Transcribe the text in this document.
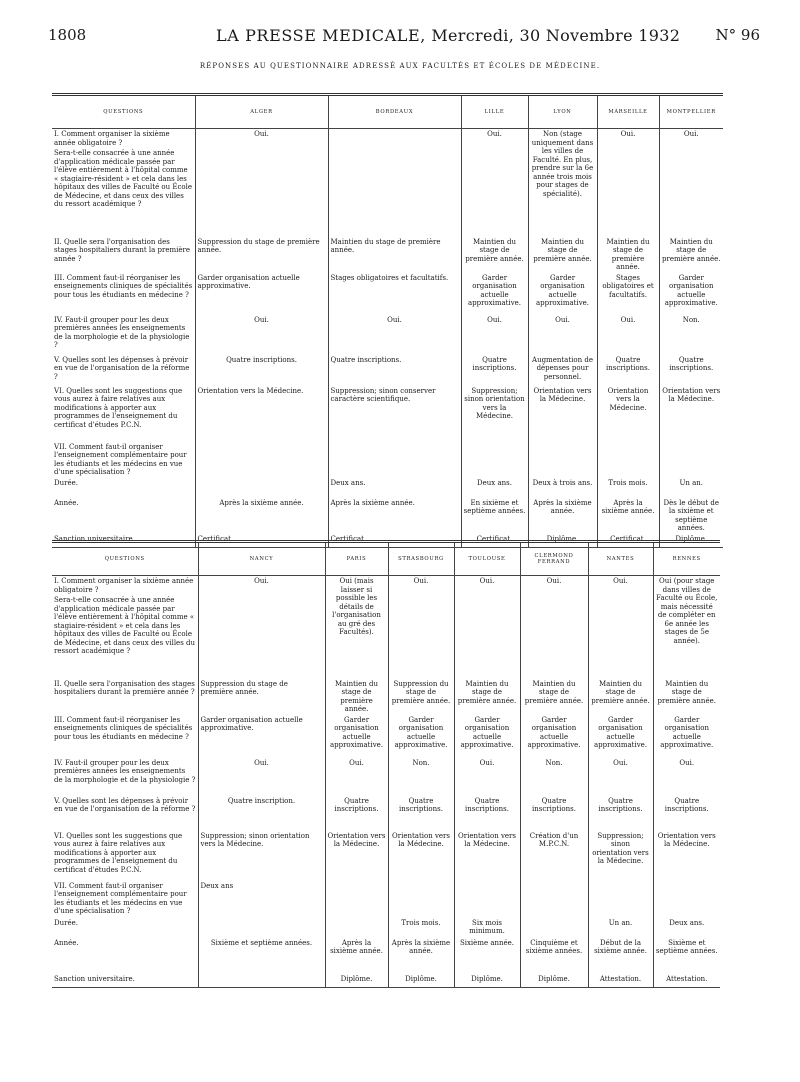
1808	LA PRESSE MEDICALE, Mercredi, 30 Novembre 1932 N° 96
RÉPONSES AU QUESTIONNAIRE ADRESSÉ AUX FACULTÉS ET ÉCOLES DE MÉDECINE.
QUESTIONS	ALGER	BORDEAUX	LILLE	LYON	MARSEILLE	MONTPELLIER

I. Comment organiser la sixième année obligatoire ?
Sera-t-elle consacrée à une année d'application médicale passée par l'élève entièrement à l'hôpital comme « stagiaire-résident » et cela dans les hôpitaux des villes de Faculté ou École de Médecine, et dans ceux des villes du ressort académique ?	Oui.		Oui.	Non (stage uniquement dans les villes de Faculté. En plus, prendre sur la 6e année trois mois pour stages de spécialité).	Oui.	Oui.

II. Quelle sera l'organisation des stages hospitaliers durant la première année ?	Suppression du stage de première année.	Maintien du stage de première année.	Maintien du stage de première année.	Maintien du stage de première année.	Maintien du stage de première année.	Maintien du stage de première année.

III. Comment faut-il réorganiser les enseignements cliniques de spécialités pour tous les étudiants en médecine ?	Garder organisation actuelle approximative.	Stages obligatoires et facultatifs.	Garder organisation actuelle approximative.	Garder organisation actuelle approximative.	Stages obligatoires et facultatifs.	Garder organisation actuelle approximative.

IV. Faut-il grouper pour les deux premières années les enseignements de la morphologie et de la physiologie ?	Oui.	Oui.	Oui.	Oui.	Oui.	Non.

V. Quelles sont les dépenses à prévoir en vue de l'organisation de la réforme ?	Quatre inscriptions.	Quatre inscriptions.	Quatre inscriptions.	Augmentation de dépenses pour personnel.	Quatre inscriptions.	Quatre inscriptions.

VI. Quelles sont les suggestions que vous aurez à faire relatives aux modifications à apporter aux programmes de l'enseignement du certificat d'études P.C.N.	Orientation vers la Médecine.	Suppression; sinon conserver caractère scientifique.	Suppression; sinon orientation vers la Médecine.	Orientation vers la Médecine.	Orientation vers la Médecine.	Orientation vers la Médecine.

VII. Comment faut-il organiser l'enseignement complémentaire pour les étudiants et les médecins en vue d'une spécialisation ?						

Durée.		Deux ans.	Deux ans.	Deux à trois ans.	Trois mois.	Un an.

Année.	Après la sixième année.	Après la sixième année.	En sixième et septième années.	Après la sixième année.	Après la sixième année.	Dès le début de la sixième et septième années.

Sanction universitaire.	Certificat.	Certificat.	Certificat.	Diplôme.	Certificat.	Diplôme.
QUESTIONS	NANCY	PARIS	STRASBOURG	TOULOUSE	CLERMOND FERRAND	NANTES	RENNES

I. Comment organiser la sixième année obligatoire ?
Sera-t-elle consacrée à une année d'application médicale passée par l'élève entièrement à l'hôpital comme « stagiaire-résident » et cela dans les hôpitaux des villes de Faculté ou École de Médecine, et dans ceux des villes du ressort académique ?	Oui.	Oui (mais laisser si possible les détails de l'organisation au gré des Facultés).	Oui.	Oui.	Oui.	Oui.	Oui (pour stage dans villes de Faculté ou École, mais nécessité de compléter en 6e année les stages de 5e année).

II. Quelle sera l'organisation des stages hospitaliers durant la première année ?	Suppression du stage de première année.	Maintien du stage de première année.	Suppression du stage de première année.	Maintien du stage de première année.	Maintien du stage de première année.	Maintien du stage de première année.	Maintien du stage de première année.

III. Comment faut-il réorganiser les enseignements cliniques de spécialités pour tous les étudiants en médecine ?	Garder organisation actuelle approximative.	Garder organisation actuelle approximative.	Garder organisation actuelle approximative.	Garder organisation actuelle approximative.	Garder organisation actuelle approximative.	Garder organisation actuelle approximative.	Garder organisation actuelle approximative.

IV. Faut-il grouper pour les deux premières années les enseignements de la morphologie et de la physiologie ?	Oui.	Oui.	Non.	Oui.	Non.	Oui.	Oui.

V. Quelles sont les dépenses à prévoir en vue de l'organisation de la réforme ?	Quatre inscription.	Quatre inscriptions.	Quatre inscriptions.	Quatre inscriptions.	Quatre inscriptions.	Quatre inscriptions.	Quatre inscriptions.

VI. Quelles sont les suggestions que vous aurez à faire relatives aux modifications à apporter aux programmes de l'enseignement du certificat d'études P.C.N.	Suppression; sinon orientation vers la Médecine.	Orientation vers la Médecine.	Orientation vers la Médecine.	Orientation vers la Médecine.	Création d'un M.P.C.N.	Suppression; sinon orientation vers la Médecine.	Orientation vers la Médecine.

VII. Comment faut-il organiser l'enseignement complémentaire pour les étudiants et les médecins en vue d'une spécialisation ?	Deux ans						

Durée.			Trois mois.	Six mois minimum.		Un an.	Deux ans.

Année.	Sixième et septième années.	Après la sixième année.	Après la sixième année.	Sixième année.	Cinquième et sixième années.	Début de la sixième année.	Sixième et septième années.

Sanction universitaire.		Diplôme.	Diplôme.	Diplôme.	Diplôme.	Attestation.	Attestation.
